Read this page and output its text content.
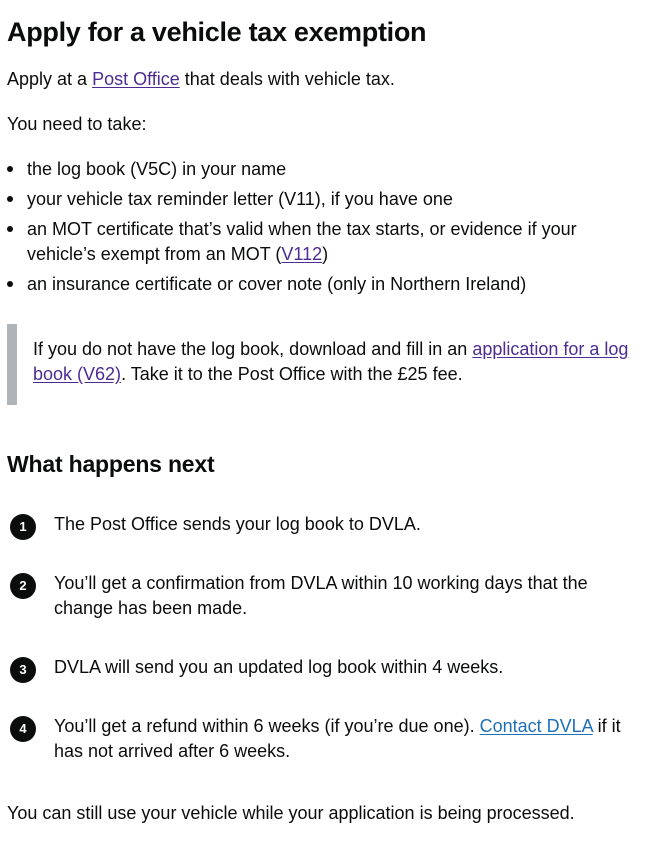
Apply for a vehicle tax exemption

Apply at a Post Office that deals with vehicle tax.

You need to take:

the log book (V5C) in your name
your vehicle tax reminder letter (V11), if you have one
an MOT certificate that’s valid when the tax starts, or evidence if your vehicle’s exempt from an MOT (V112)
an insurance certificate or cover note (only in Northern Ireland)
If you do not have the log book, download and fill in an application for a log book (V62). Take it to the Post Office with the £25 fee.
What happens next
1	The Post Office sends your log book to DVLA.
2	You’ll get a confirmation from DVLA within 10 working days that the change has been made.
3	DVLA will send you an updated log book within 4 weeks.
4	You’ll get a refund within 6 weeks (if you’re due one). Contact DVLA if it has not arrived after 6 weeks.

You can still use your vehicle while your application is being processed.
